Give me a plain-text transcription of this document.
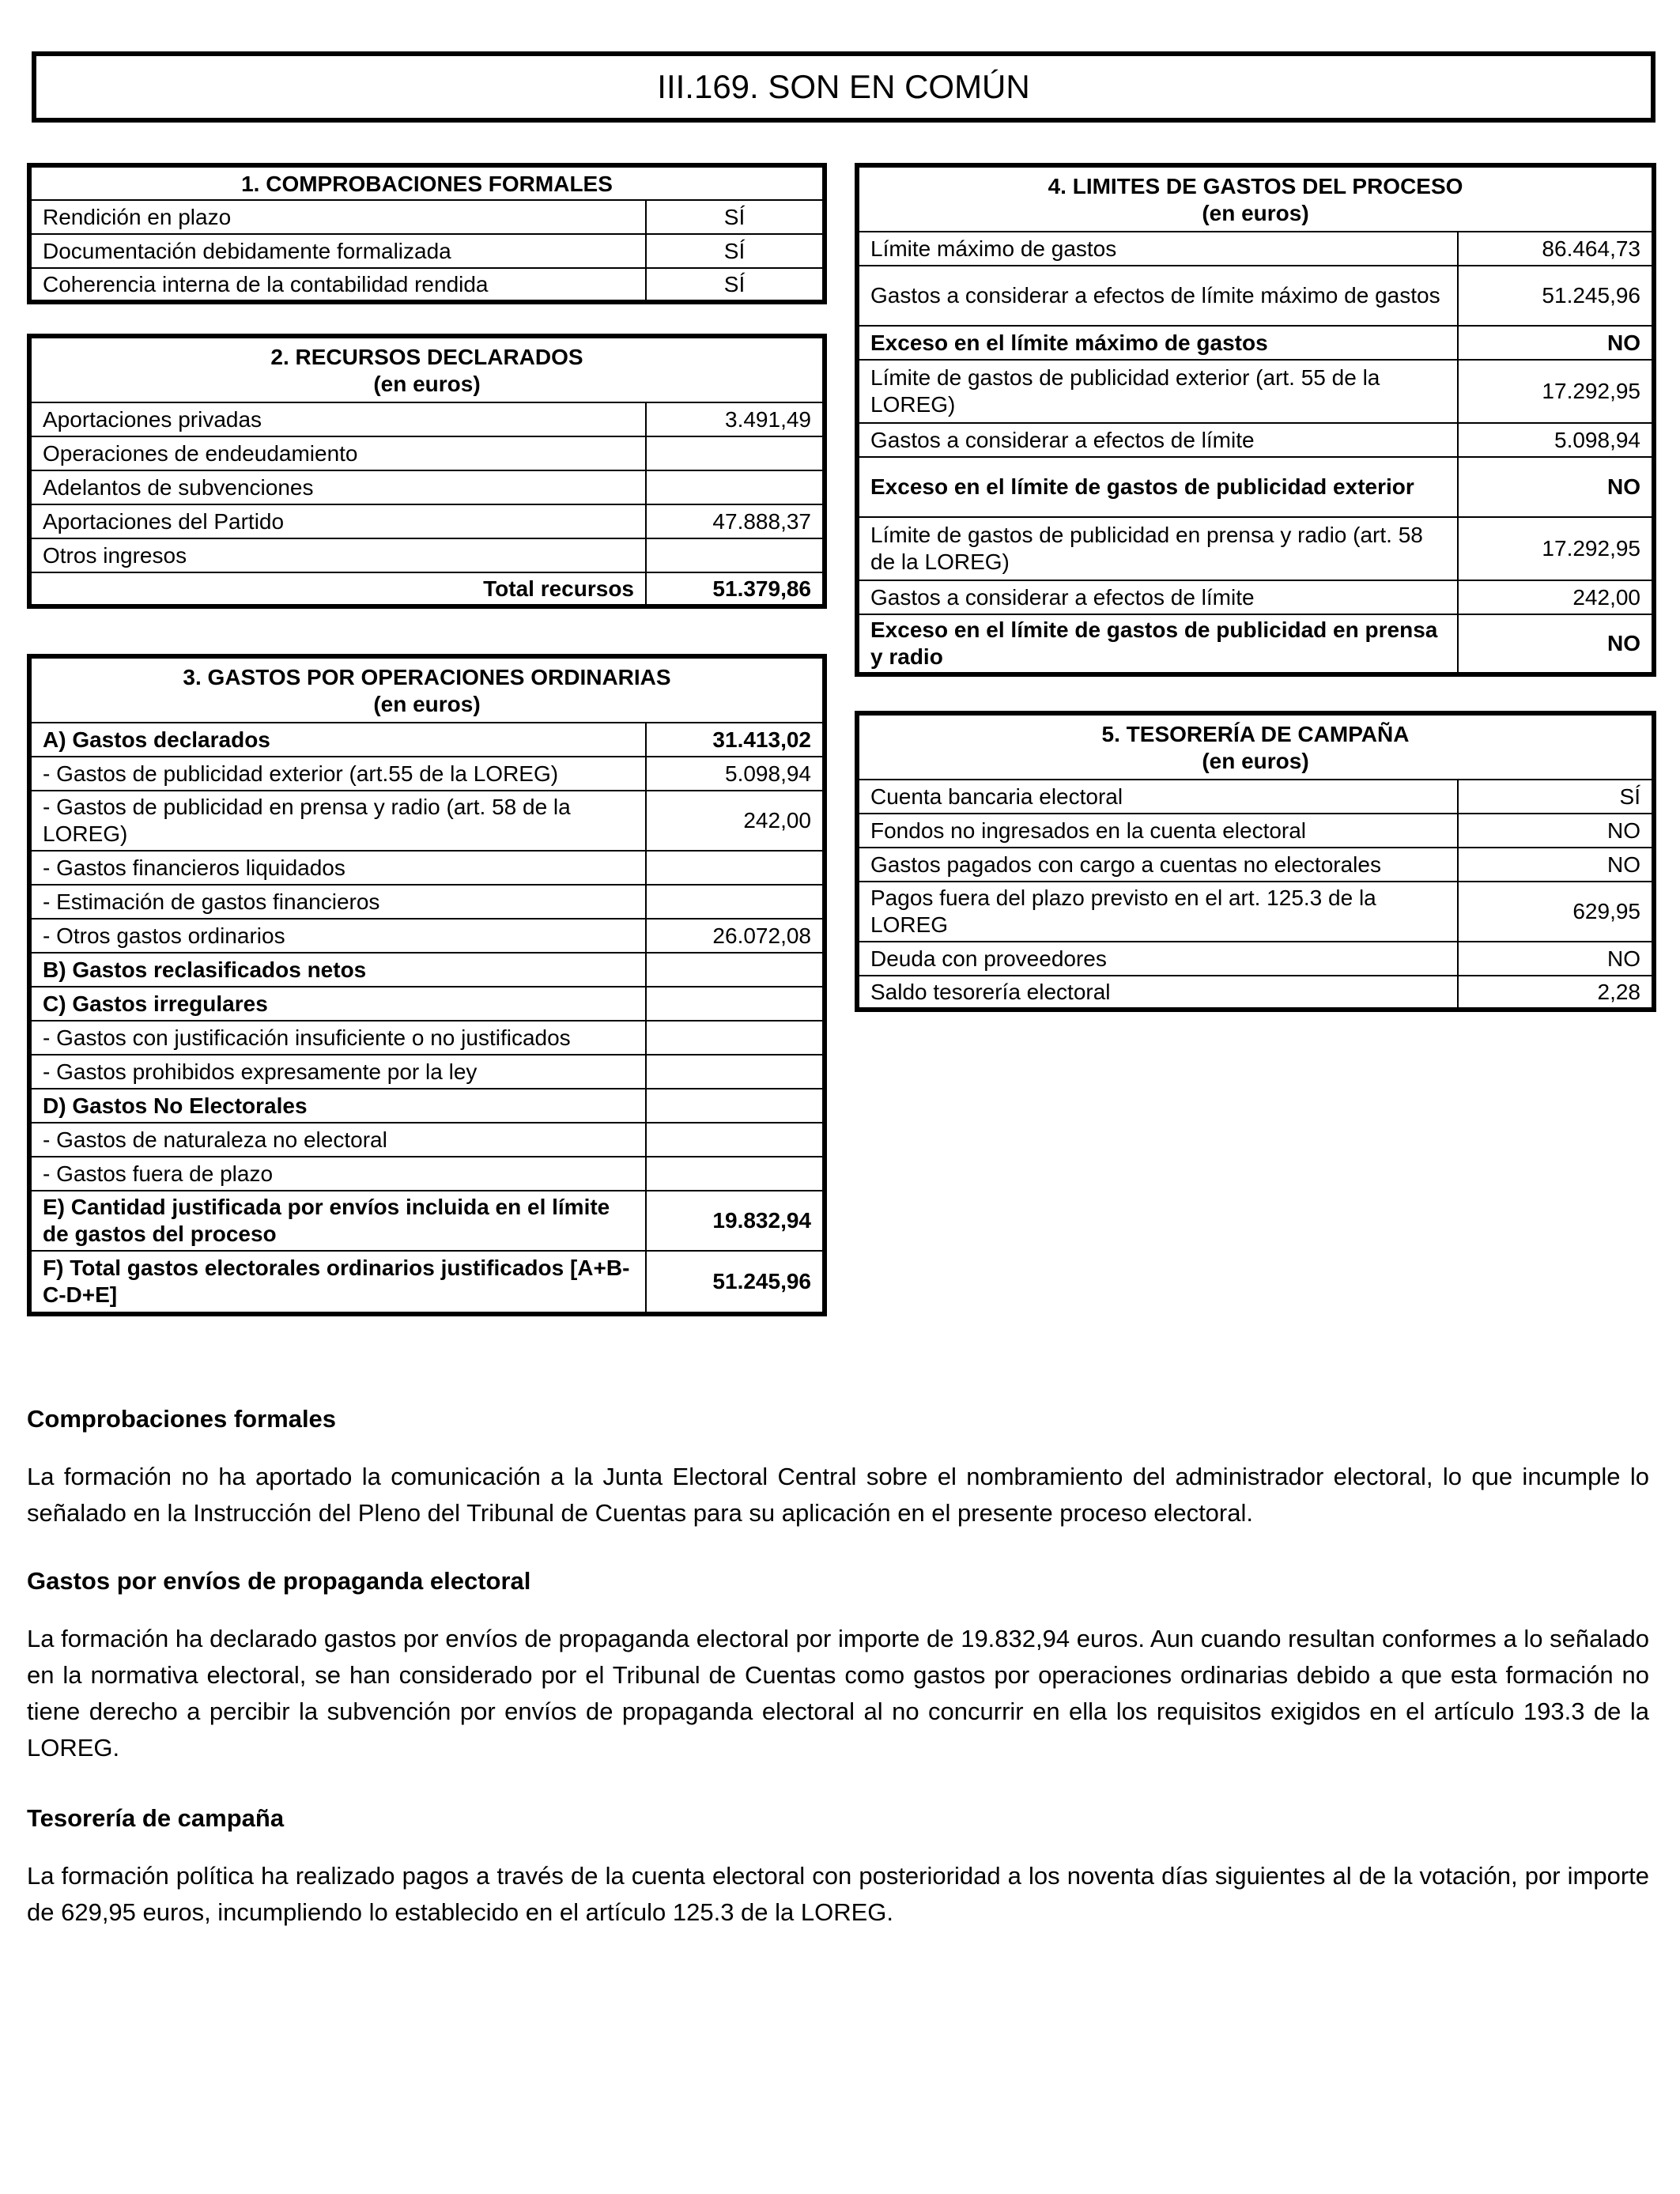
III.169. SON EN COMÚN
1. COMPROBACIONES FORMALES	
Rendición en plazo	SÍ
Documentación debidamente formalizada	SÍ
Coherencia interna de la contabilidad rendida	SÍ
2. RECURSOS DECLARADOS
(en euros)	

Aportaciones privadas	3.491,49
Operaciones de endeudamiento	
Adelantos de subvenciones	
Aportaciones del Partido	47.888,37
Otros ingresos	
Total recursos	51.379,86
3. GASTOS POR OPERACIONES ORDINARIAS
(en euros)	

A) Gastos declarados	31.413,02
- Gastos de publicidad exterior (art.55 de la LOREG)	5.098,94
- Gastos de publicidad en prensa y radio (art. 58 de la LOREG)	242,00
- Gastos financieros liquidados	
- Estimación de gastos financieros	
- Otros gastos ordinarios	26.072,08
B) Gastos reclasificados netos	
C) Gastos irregulares	
- Gastos con justificación insuficiente o no justificados	
- Gastos prohibidos expresamente por la ley	
D) Gastos No Electorales	
- Gastos de naturaleza no electoral	
- Gastos fuera de plazo	
E) Cantidad justificada por envíos incluida en el límite de gastos del proceso	19.832,94
F) Total gastos electorales ordinarios justificados [A+B-C-D+E]	51.245,96
4. LIMITES DE GASTOS DEL PROCESO
(en euros)	

Límite máximo de gastos	86.464,73
Gastos a considerar a efectos de límite máximo de gastos	51.245,96
Exceso en el límite máximo de gastos	NO
Límite de gastos de publicidad exterior (art. 55 de la LOREG)	17.292,95
Gastos a considerar a efectos de límite	5.098,94
Exceso en el límite de gastos de publicidad exterior	NO
Límite de gastos de publicidad en prensa y radio (art. 58 de la LOREG)	17.292,95
Gastos a considerar a efectos de límite	242,00
Exceso en el límite de gastos de publicidad en prensa y radio	NO
5. TESORERÍA DE CAMPAÑA
(en euros)	

Cuenta bancaria electoral	SÍ
Fondos no ingresados en la cuenta electoral	NO
Gastos pagados con cargo a cuentas no electorales	NO
Pagos fuera del plazo previsto en el art. 125.3 de la LOREG	629,95
Deuda con proveedores	NO
Saldo tesorería electoral	2,28
Comprobaciones formales

La formación no ha aportado la comunicación a la Junta Electoral Central sobre el nombramiento del administrador electoral, lo que incumple lo señalado en la Instrucción del Pleno del Tribunal de Cuentas para su aplicación en el presente proceso electoral.

Gastos por envíos de propaganda electoral

La formación ha declarado gastos por envíos de propaganda electoral por importe de 19.832,94 euros. Aun cuando resultan conformes a lo señalado en la normativa electoral, se han considerado por el Tribunal de Cuentas como gastos por operaciones ordinarias debido a que esta formación no tiene derecho a percibir la subvención por envíos de propaganda electoral al no concurrir en ella los requisitos exigidos en el artículo 193.3 de la LOREG.

Tesorería de campaña

La formación política ha realizado pagos a través de la cuenta electoral con posterioridad a los noventa días siguientes al de la votación, por importe de 629,95 euros, incumpliendo lo establecido en el artículo 125.3 de la LOREG.
